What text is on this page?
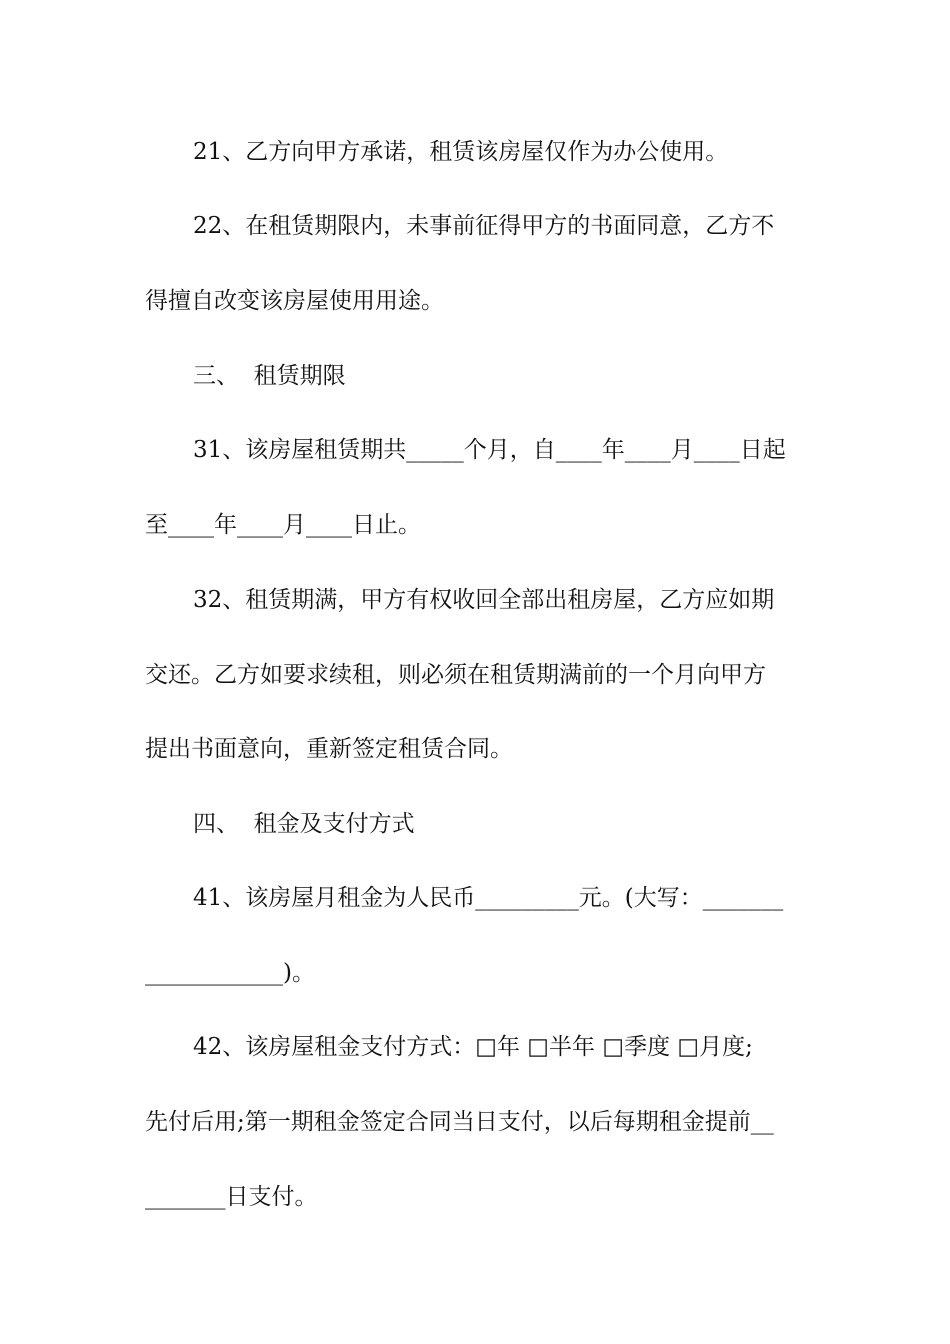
21、乙方向甲方承诺，租赁该房屋仅作为办公使用。
22、在租赁期限内，未事前征得甲方的书面同意，乙方不
得擅自改变该房屋使用用途。
三、  租赁期限
31、该房屋租赁期共_____个月，自____年____月____日起
至____年____月____日止。
32、租赁期满，甲方有权收回全部出租房屋，乙方应如期
交还。乙方如要求续租，则必须在租赁期满前的一个月向甲方
提出书面意向，重新签定租赁合同。
四、  租金及支付方式
41、该房屋月租金为人民币_________元。(大写：_______
____________)。
42、该房屋租金支付方式：□年 □半年 □季度 □月度;
先付后用;第一期租金签定合同当日支付，以后每期租金提前__
_______日支付。
